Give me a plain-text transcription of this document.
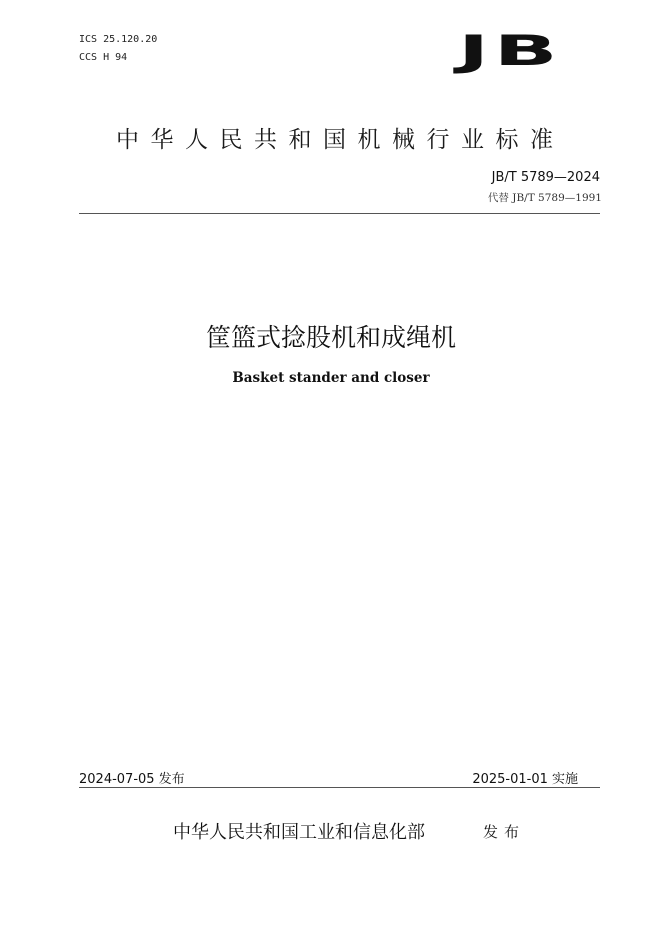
ICS 25.120.20
CCS H 94	JB
中华人民共和国机械行业标准
JB/T 5789—2024
代替 JB/T 5789—1991
筐篮式捻股机和成绳机
Basket stander and closer
2024-07-05 发布	2025-01-01 实施
中华人民共和国工业和信息化部	发布
